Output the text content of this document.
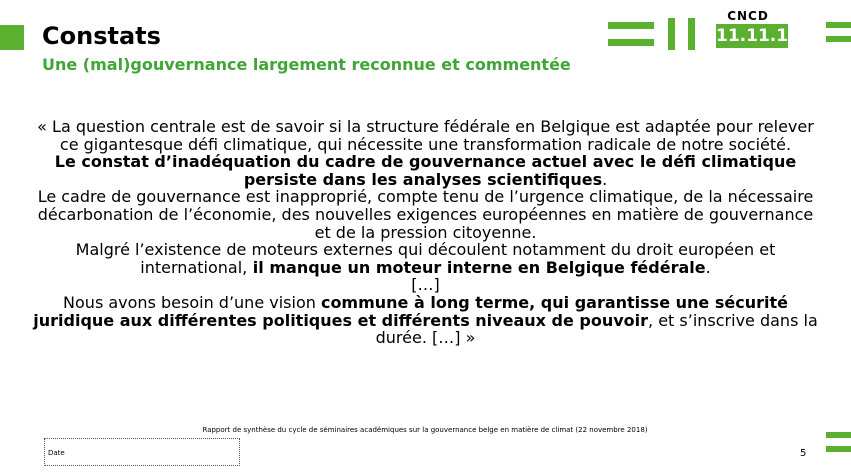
Constats
Une (mal)gouvernance largement reconnue et commentée
CNCD
11.11.11

« La question centrale est de savoir si la structure fédérale en Belgique est adaptée pour relever ce gigantesque défi climatique, qui nécessite une transformation radicale de notre société.
Le constat d’inadéquation du cadre de gouvernance actuel avec le défi climatique persiste dans les analyses scientifiques.
Le cadre de gouvernance est inapproprié, compte tenu de l’urgence climatique, de la nécessaire décarbonation de l’économie, des nouvelles exigences européennes en matière de gouvernance et de la pression citoyenne.
Malgré l’existence de moteurs externes qui découlent notamment du droit européen et international, il manque un moteur interne en Belgique fédérale.
[…]
Nous avons besoin d’une vision commune à long terme, qui garantisse une sécurité juridique aux différentes politiques et différents niveaux de pouvoir, et s’inscrive dans la durée. […] »

Rapport de synthèse du cycle de séminaires académiques sur la gouvernance belge en matière de climat (22 novembre 2018)

Date	5
